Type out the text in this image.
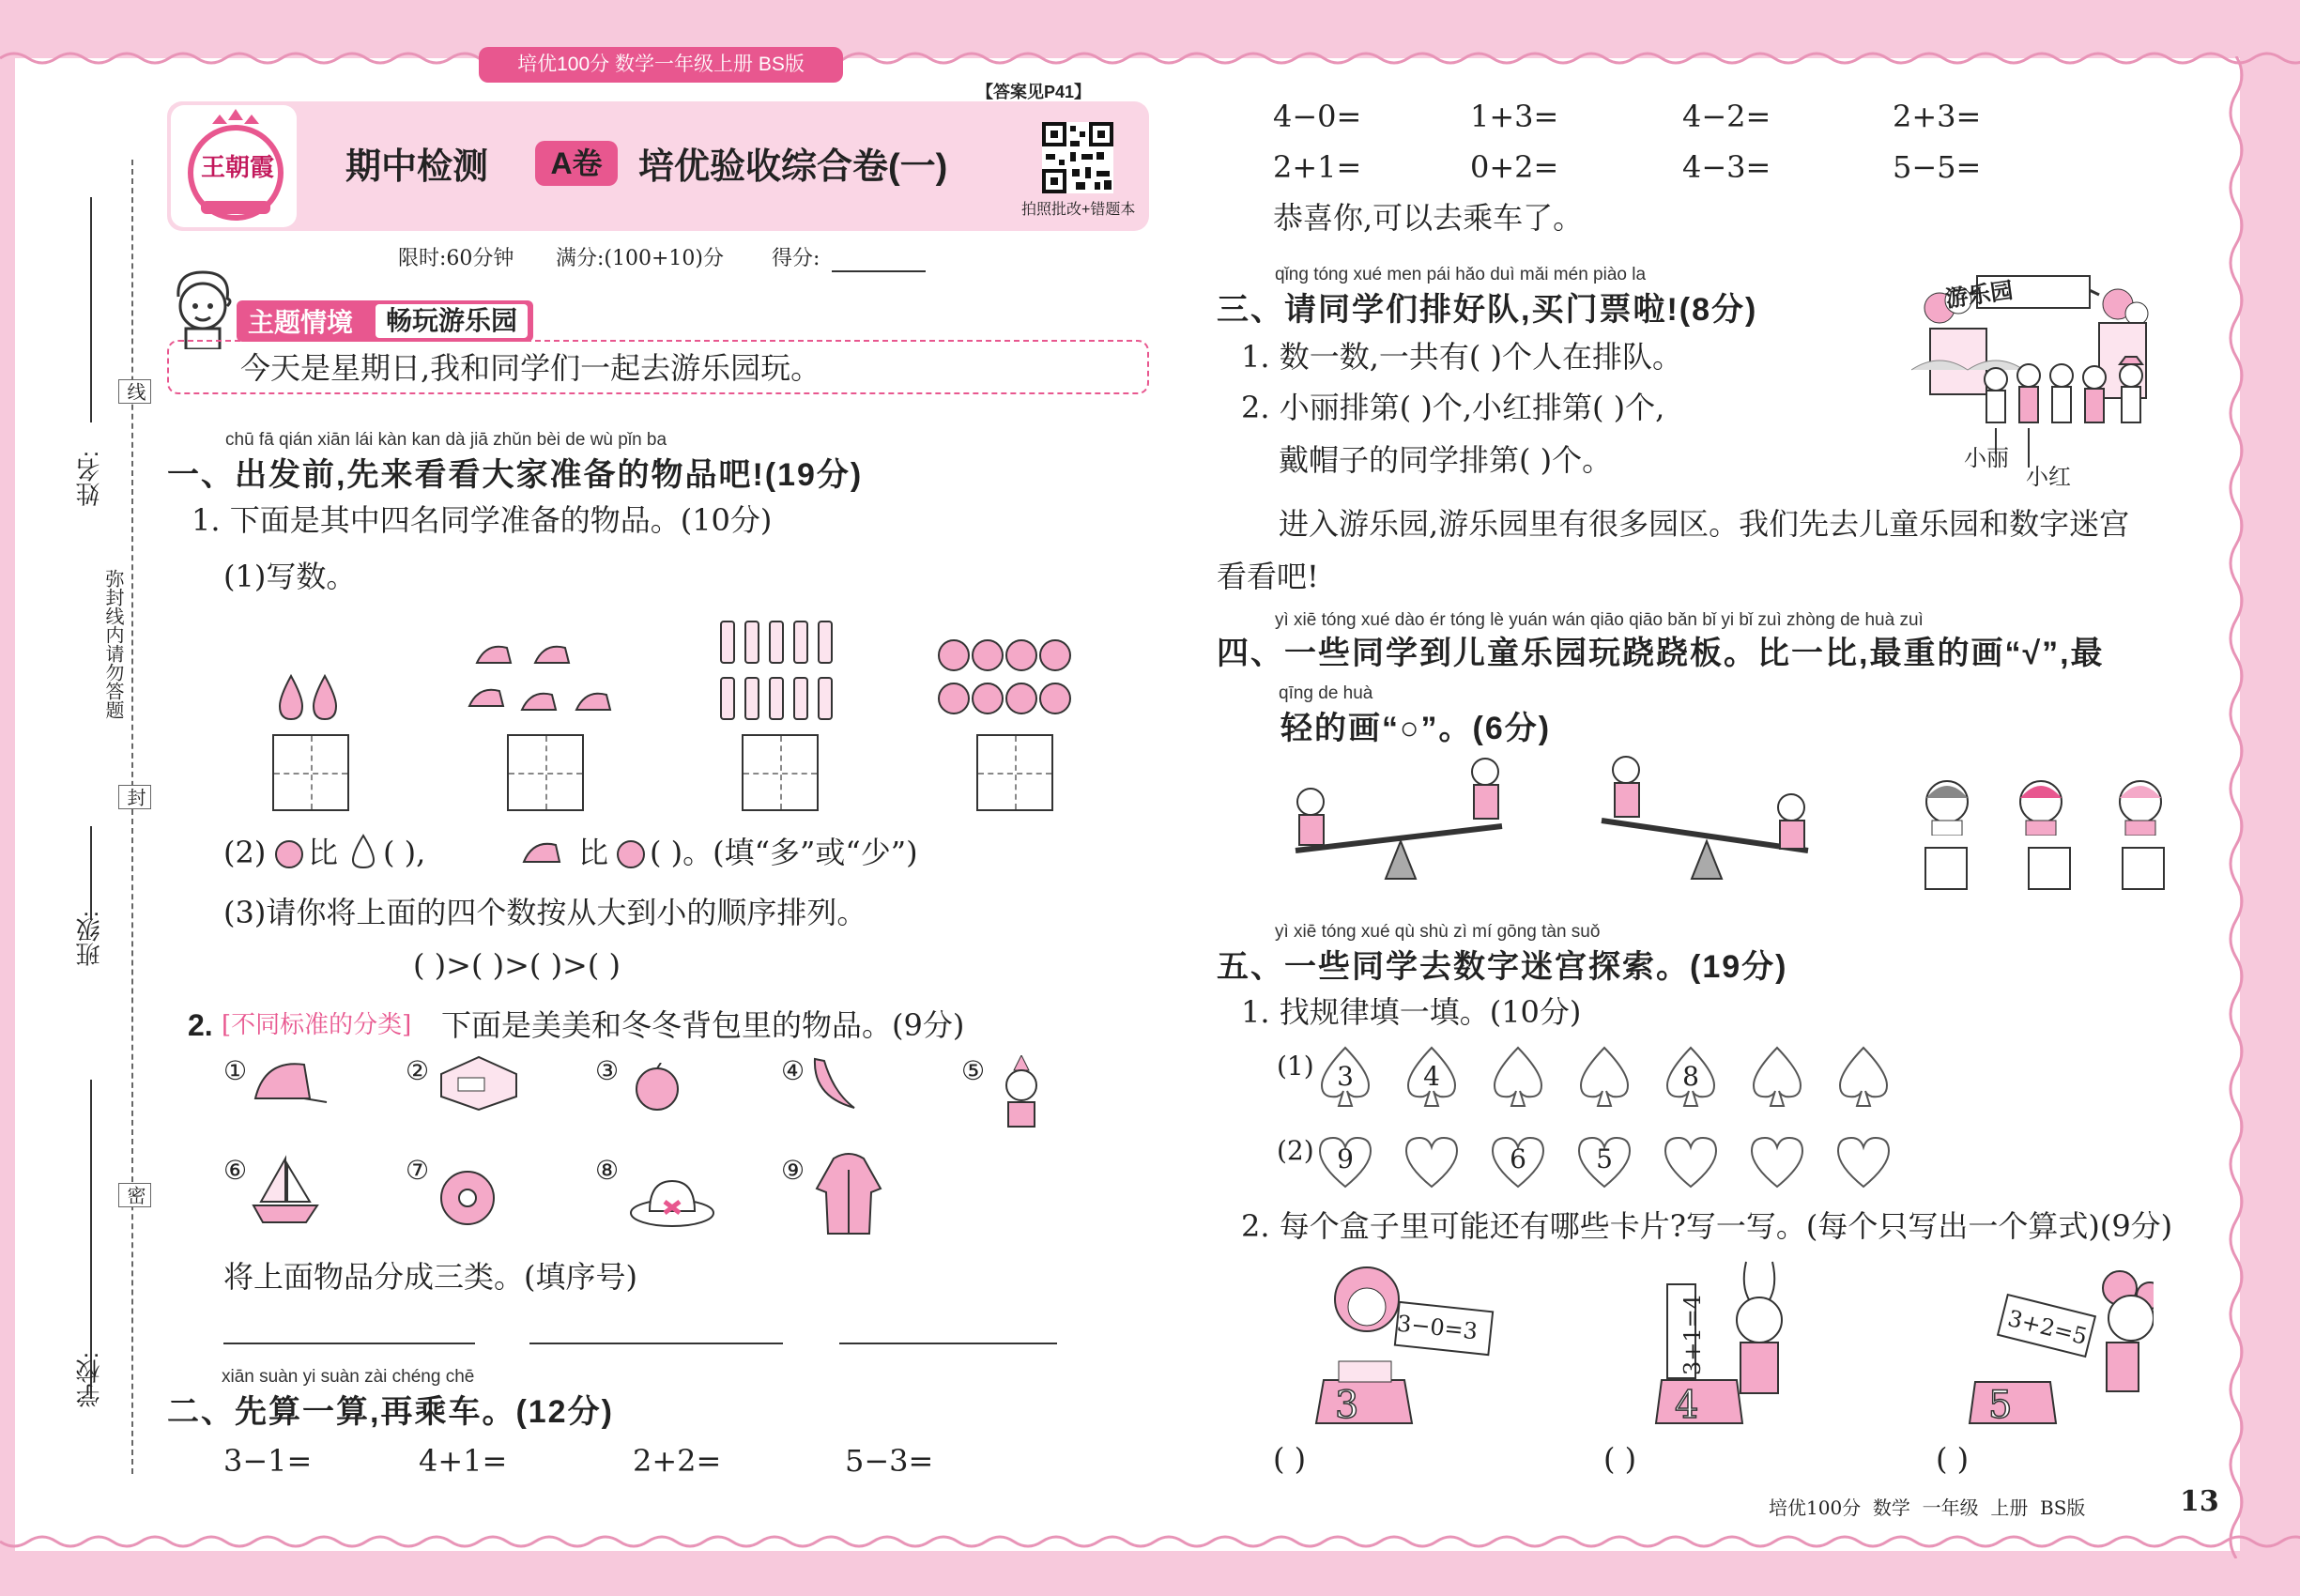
培优100分 数学一年级上册 BS版
姓名:
线
弥封线内请勿答题
封
班级:
密
学校:
【答案见P41】
王朝霞 期中检测	A卷	培优验收综合卷(一)
拍照批改+错题本
限时:60分钟 满分:(100+10)分 得分:
主题情境	畅玩游乐园
今天是星期日,我和同学们一起去游乐园玩。
chū fā qián xiān lái kàn kan dà jiā zhǔn bèi de wù pǐn ba
一、出发前,先来看看大家准备的物品吧!(19分)
1. 下面是其中四名同学准备的物品。(10分)
(1)写数。
(2) 比 ( ),	比 ( )。(填“多”或“少”)
(3)请你将上面的四个数按从大到小的顺序排列。
( )>( )>( )>( )
2. [不同标准的分类] 下面是美美和冬冬背包里的物品。(9分)
①	②	③	④	⑤
⑥	⑦	⑧	⑨
将上面物品分成三类。(填序号)
xiān suàn yi suàn zài chéng chē
二、先算一算,再乘车。(12分)
3−1=	4+1=	2+2=	5−3=
4−0=	1+3=	4−2=	2+3=
2+1=	0+2=	4−3=	5−5=
恭喜你,可以去乘车了。
qǐng tóng xué men pái hǎo duì mǎi mén piào la
三、请同学们排好队,买门票啦!(8分)
1. 数一数,一共有( )个人在排队。
2. 小丽排第( )个,小红排第( )个,
戴帽子的同学排第( )个。
游乐园
小丽
小红
进入游乐园,游乐园里有很多园区。我们先去儿童乐园和数字迷宫
看看吧!
yì xiē tóng xué dào ér tóng lè yuán wán qiāo qiāo bǎn bǐ yi bǐ zuì zhòng de huà zuì
四、一些同学到儿童乐园玩跷跷板。比一比,最重的画“√”,最
qīng de huà
轻的画“○”。(6分)
yì xiē tóng xué qù shù zì mí gōng tàn suǒ
五、一些同学去数字迷宫探索。(19分)
1. 找规律填一填。(10分)
(1)
(2)
2. 每个盒子里可能还有哪些卡片?写一写。(每个只写出一个算式)(9分)
3−0=3
3
3+1=4
4
3+2=5
5
( )	( )	( )
培优100分  数学  一年级  上册  BS版	13
3	4	8
9	6	5
